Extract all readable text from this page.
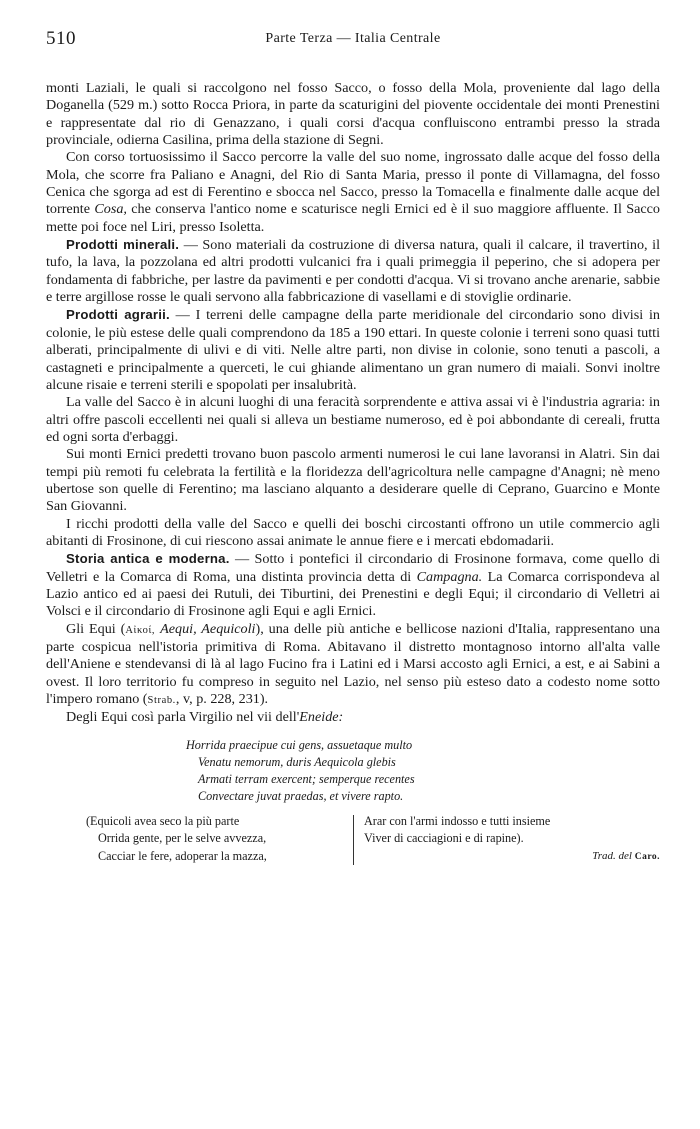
510	Parte Terza — Italia Centrale

monti Laziali, le quali si raccolgono nel fosso Sacco, o fosso della Mola, proveniente dal lago della Doganella (529 m.) sotto Rocca Priora, in parte da scaturigini del piovente occidentale dei monti Prenestini e rappresentate dal rio di Genazzano, i quali corsi d'acqua confluiscono entrambi presso la strada provinciale, odierna Casilina, prima della stazione di Segni.

Con corso tortuosissimo il Sacco percorre la valle del suo nome, ingrossato dalle acque del fosso della Mola, che scorre fra Paliano e Anagni, del Rio di Santa Maria, presso il ponte di Villamagna, del fosso Cenica che sgorga ad est di Ferentino e sbocca nel Sacco, presso la Tomacella e finalmente dalle acque del torrente Cosa, che conserva l'antico nome e scaturisce negli Ernici ed è il suo maggiore affluente. Il Sacco mette poi foce nel Liri, presso Isoletta.

Prodotti minerali. — Sono materiali da costruzione di diversa natura, quali il calcare, il travertino, il tufo, la lava, la pozzolana ed altri prodotti vulcanici fra i quali primeggia il peperino, che si adopera per fondamenta di fabbriche, per lastre da pavimenti e per condotti d'acqua. Vi si trovano anche arenarie, sabbie e terre argillose rosse le quali servono alla fabbricazione di vasellami e di stoviglie ordinarie.

Prodotti agrarii. — I terreni delle campagne della parte meridionale del circondario sono divisi in colonie, le più estese delle quali comprendono da 185 a 190 ettari. In queste colonie i terreni sono quasi tutti alberati, principalmente di ulivi e di viti. Nelle altre parti, non divise in colonie, sono tenuti a pascoli, a castagneti e principalmente a querceti, le cui ghiande alimentano un gran numero di maiali. Sonvi inoltre alcune risaie e terreni sterili e spopolati per insalubrità.

La valle del Sacco è in alcuni luoghi di una feracità sorprendente e attiva assai vi è l'industria agraria: in altri offre pascoli eccellenti nei quali si alleva un bestiame numeroso, ed è poi abbondante di cereali, frutta ed ogni sorta d'erbaggi.

Sui monti Ernici predetti trovano buon pascolo armenti numerosi le cui lane lavoransi in Alatri. Sin dai tempi più remoti fu celebrata la fertilità e la floridezza dell'agricoltura nelle campagne d'Anagni; nè meno ubertose son quelle di Ferentino; ma lasciano alquanto a desiderare quelle di Ceprano, Guarcino e Monte San Giovanni.

I ricchi prodotti della valle del Sacco e quelli dei boschi circostanti offrono un utile commercio agli abitanti di Frosinone, di cui riescono assai animate le annue fiere e i mercati ebdomadarii.

Storia antica e moderna. — Sotto i pontefici il circondario di Frosinone formava, come quello di Velletri e la Comarca di Roma, una distinta provincia detta di Campagna. La Comarca corrispondeva al Lazio antico ed ai paesi dei Rutuli, dei Tiburtini, dei Prenestini e degli Equi; il circondario di Velletri ai Volsci e il circondario di Frosinone agli Equi e agli Ernici.

Gli Equi (Αἰκοί, Aequi, Aequicoli), una delle più antiche e bellicose nazioni d'Italia, rappresentano una parte cospicua nell'istoria primitiva di Roma. Abitavano il distretto montagnoso intorno all'alta valle dell'Aniene e stendevansi di là al lago Fucino fra i Latini ed i Marsi accosto agli Ernici, a est, e ai Sabini a ovest. Il loro territorio fu compreso in seguito nel Lazio, nel senso più esteso dato a codesto nome sotto l'impero romano (Strab., v, p. 228, 231).

Degli Equi così parla Virgilio nel vii dell'Eneide:

Horrida praecipue cui gens, assuetaque multo
Venatu nemorum, duris Aequicola glebis
Armati terram exercent; semperque recentes
Convectare juvat praedas, et vivere rapto.
(Equicoli avea seco la più parte
Orrida gente, per le selve avvezza,
Cacciar le fere, adoperar la mazza,
Arar con l'armi indosso e tutti insieme
Viver di cacciagioni e di rapine).
Trad. del Caro.
